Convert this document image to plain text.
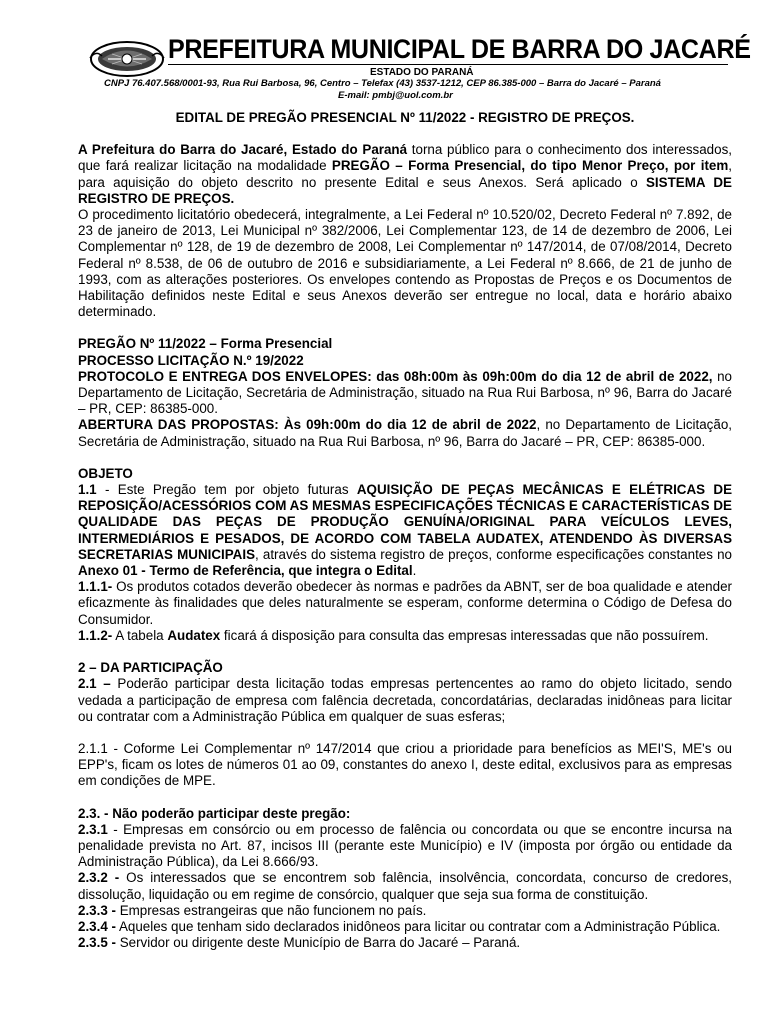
PREFEITURA MUNICIPAL DE BARRA DO JACARÉ
ESTADO DO PARANÁ
CNPJ 76.407.568/0001-93, Rua Rui Barbosa, 96, Centro – Telefax (43) 3537-1212, CEP 86.385-000 – Barra do Jacaré – Paraná
E-mail: pmbj@uol.com.br

EDITAL DE PREGÃO PRESENCIAL Nº 11/2022 - REGISTRO DE PREÇOS.

A Prefeitura do Barra do Jacaré, Estado do Paraná torna público para o conhecimento dos interessados, que fará realizar licitação na modalidade PREGÃO – Forma Presencial, do tipo Menor Preço, por item, para aquisição do objeto descrito no presente Edital e seus Anexos. Será aplicado o SISTEMA DE REGISTRO DE PREÇOS.

O procedimento licitatório obedecerá, integralmente, a Lei Federal nº 10.520/02, Decreto Federal nº 7.892, de 23 de janeiro de 2013, Lei Municipal nº 382/2006, Lei Complementar 123, de 14 de dezembro de 2006, Lei Complementar nº 128, de 19 de dezembro de 2008, Lei Complementar nº 147/2014, de 07/08/2014, Decreto Federal nº 8.538, de 06 de outubro de 2016 e subsidiariamente, a Lei Federal nº 8.666, de 21 de junho de 1993, com as alterações posteriores. Os envelopes contendo as Propostas de Preços e os Documentos de Habilitação definidos neste Edital e seus Anexos deverão ser entregue no local, data e horário abaixo determinado.

PREGÃO Nº 11/2022 – Forma Presencial

PROCESSO LICITAÇÃO N.º 19/2022

PROTOCOLO E ENTREGA DOS ENVELOPES: das 08h:00m às 09h:00m do dia 12 de abril de 2022, no Departamento de Licitação, Secretária de Administração, situado na Rua Rui Barbosa, nº 96, Barra do Jacaré – PR, CEP: 86385-000.

ABERTURA DAS PROPOSTAS: Às 09h:00m do dia 12 de abril de 2022, no Departamento de Licitação, Secretária de Administração, situado na Rua Rui Barbosa, nº 96, Barra do Jacaré – PR, CEP: 86385-000.

OBJETO

1.1 - Este Pregão tem por objeto futuras AQUISIÇÃO DE PEÇAS MECÂNICAS E ELÉTRICAS DE REPOSIÇÃO/ACESSÓRIOS COM AS MESMAS ESPECIFICAÇÕES TÉCNICAS E CARACTERÍSTICAS DE QUALIDADE DAS PEÇAS DE PRODUÇÃO GENUÍNA/ORIGINAL PARA VEÍCULOS LEVES, INTERMEDIÁRIOS E PESADOS, DE ACORDO COM TABELA AUDATEX, ATENDENDO ÀS DIVERSAS SECRETARIAS MUNICIPAIS, através do sistema registro de preços, conforme especificações constantes no Anexo 01 - Termo de Referência, que integra o Edital.

1.1.1- Os produtos cotados deverão obedecer às normas e padrões da ABNT, ser de boa qualidade e atender eficazmente às finalidades que deles naturalmente se esperam, conforme determina o Código de Defesa do Consumidor.

1.1.2- A tabela Audatex ficará á disposição para consulta das empresas interessadas que não possuírem.

2 – DA PARTICIPAÇÃO

2.1 – Poderão participar desta licitação todas empresas pertencentes ao ramo do objeto licitado, sendo vedada a participação de empresa com falência decretada, concordatárias, declaradas inidôneas para licitar ou contratar com a Administração Pública em qualquer de suas esferas;

2.1.1 - Coforme Lei Complementar nº 147/2014 que criou a prioridade para benefícios as MEI'S, ME's ou EPP's, ficam os lotes de números 01 ao 09, constantes do anexo I, deste edital, exclusivos para as empresas em condições de MPE.

2.3. - Não poderão participar deste pregão:

2.3.1 - Empresas em consórcio ou em processo de falência ou concordata ou que se encontre incursa na penalidade prevista no Art. 87, incisos III (perante este Município) e IV (imposta por órgão ou entidade da Administração Pública), da Lei 8.666/93.

2.3.2 - Os interessados que se encontrem sob falência, insolvência, concordata, concurso de credores, dissolução, liquidação ou em regime de consórcio, qualquer que seja sua forma de constituição.

2.3.3 - Empresas estrangeiras que não funcionem no país.

2.3.4 - Aqueles que tenham sido declarados inidôneos para licitar ou contratar com a Administração Pública.

2.3.5 - Servidor ou dirigente deste Município de Barra do Jacaré – Paraná.
